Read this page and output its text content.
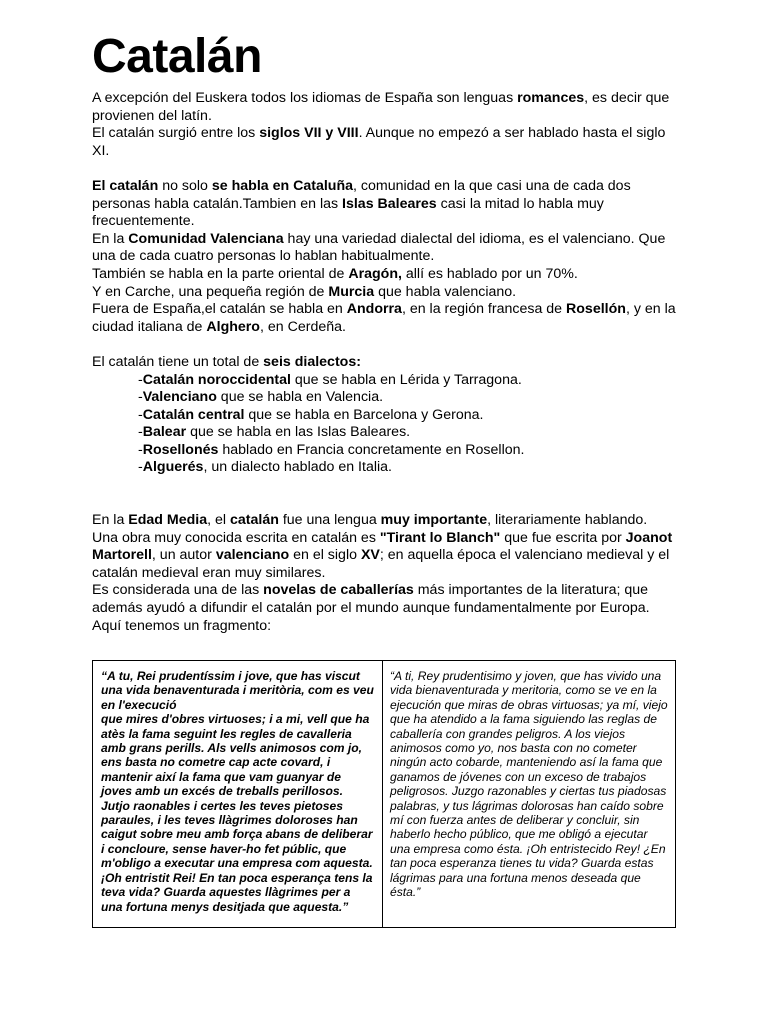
Catalán

A excepción del Euskera todos los idiomas de España son lenguas romances, es decir que provienen del latín.

El catalán surgió entre los siglos VII y VIII. Aunque no empezó a ser hablado hasta el siglo XI.

El catalán no solo se habla en Cataluña, comunidad en la que casi una de cada dos personas habla catalán.Tambien en las Islas Baleares casi la mitad lo habla muy frecuentemente.

En la Comunidad Valenciana hay una variedad dialectal del idioma, es el valenciano. Que una de cada cuatro personas lo hablan habitualmente.

También se habla en la parte oriental de Aragón, allí es hablado por un 70%.

Y en Carche, una pequeña región de Murcia que habla valenciano.

Fuera de España,el catalán se habla en Andorra, en la región francesa de Rosellón, y en la ciudad italiana de Alghero, en Cerdeña.

El catalán tiene un total de seis dialectos:

-Catalán noroccidental que se habla en Lérida y Tarragona.

-Valenciano que se habla en Valencia.

-Catalán central que se habla en Barcelona y Gerona.

-Balear que se habla en las Islas Baleares.

-Rosellonés hablado en Francia concretamente en Rosellon.

-Alguerés, un dialecto hablado en Italia.

En la Edad Media, el catalán fue una lengua muy importante, literariamente hablando.

Una obra muy conocida escrita en catalán es "Tirant lo Blanch" que fue escrita por Joanot Martorell, un autor valenciano en el siglo XV; en aquella época el valenciano medieval y el catalán medieval eran muy similares.

Es considerada una de las novelas de caballerías más importantes de la literatura; que además ayudó a difundir el catalán por el mundo aunque fundamentalmente por Europa.

Aquí tenemos un fragmento:

“A tu, Rei prudentíssim i jove, que has viscut una vida benaventurada i meritòria, com es veu en l'execució
que mires d'obres virtuoses; i a mi, vell que ha atès la fama seguint les regles de cavalleria amb grans perills. Als vells animosos com jo, ens basta no cometre cap acte covard, i mantenir així la fama que vam guanyar de joves amb un excés de treballs perillosos. Jutjo raonables i certes les teves pietoses paraules, i les teves llàgrimes doloroses han caigut sobre meu amb força abans de deliberar i concloure, sense haver-ho fet públic, que m'obligo a executar una empresa com aquesta. ¡Oh entristit Rei! En tan poca esperança tens la teva vida? Guarda aquestes llàgrimes per a una fortuna menys desitjada que aquesta.”
“A ti, Rey prudentisimo y joven, que has vivido una vida bienaventurada y meritoria, como se ve en la ejecución que miras de obras virtuosas; ya mí, viejo que ha atendido a la fama siguiendo las reglas de caballería con grandes peligros. A los viejos animosos como yo, nos basta con no cometer ningún acto cobarde, manteniendo así la fama que ganamos de jóvenes con un exceso de trabajos peligrosos. Juzgo razonables y ciertas tus piadosas palabras, y tus lágrimas dolorosas han caído sobre mí con fuerza antes de deliberar y concluir, sin haberlo hecho público, que me obligó a ejecutar una empresa como ésta. ¡Oh entristecido Rey! ¿En tan poca esperanza tienes tu vida? Guarda estas lágrimas para una fortuna menos deseada que ésta.”
